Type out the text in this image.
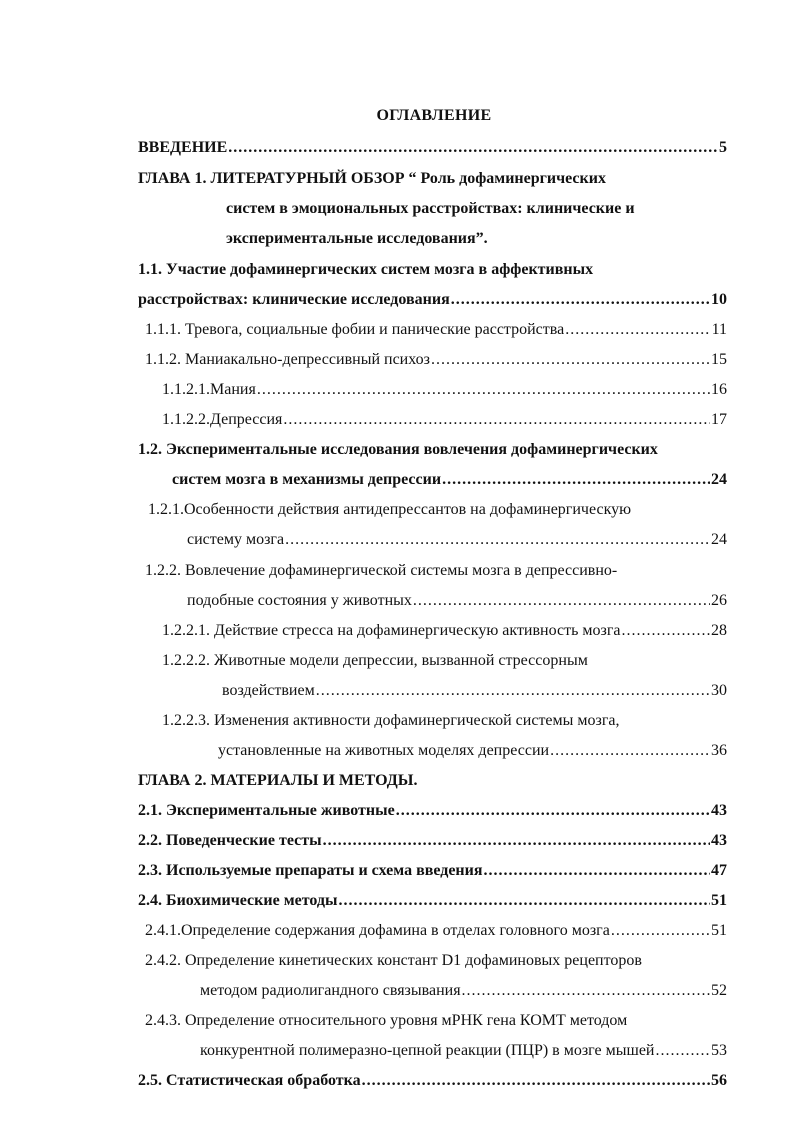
ОГЛАВЛЕНИЕ
ВВЕДЕНИЕ .....	5
ГЛАВА 1. ЛИТЕРАТУРНЫЙ ОБЗОР “ Роль дофаминергических
систем в эмоциональных расстройствах: клинические и
экспериментальные исследования”.
1.1. Участие дофаминергических систем мозга в аффективных
расстройствах: клинические исследования .....	10
1.1.1. Тревога, социальные фобии и панические расстройства .....	11
1.1.2. Маниакально-депрессивный психоз .....	15
1.1.2.1.Мания .....	16
1.1.2.2.Депрессия .....	17
1.2. Экспериментальные исследования вовлечения дофаминергических
систем мозга в механизмы депрессии .....	24
1.2.1.Особенности действия антидепрессантов на дофаминергическую
систему мозга .....	24
1.2.2. Вовлечение дофаминергической системы мозга в депрессивно-
подобные состояния у животных .....	26
1.2.2.1. Действие стресса на дофаминергическую активность мозга .....	28
1.2.2.2. Животные модели депрессии, вызванной стрессорным
воздействием .....	30
1.2.2.3. Изменения активности дофаминергической системы мозга,
установленные на животных моделях депрессии .....	36
ГЛАВА 2. МАТЕРИАЛЫ И МЕТОДЫ.
2.1. Экспериментальные животные .....	43
2.2. Поведенческие тесты .....	43
2.3. Используемые препараты и схема введения .....	47
2.4. Биохимические методы .....	51
2.4.1.Определение содержания дофамина в отделах головного мозга .....	51
2.4.2. Определение кинетических констант D1 дофаминовых рецепторов
методом радиолигандного связывания .....	52
2.4.3. Определение относительного уровня мРНК гена КОМТ методом
конкурентной полимеразно-цепной реакции (ПЦР) в мозге мышей .....	53
2.5. Статистическая обработка .....	56
